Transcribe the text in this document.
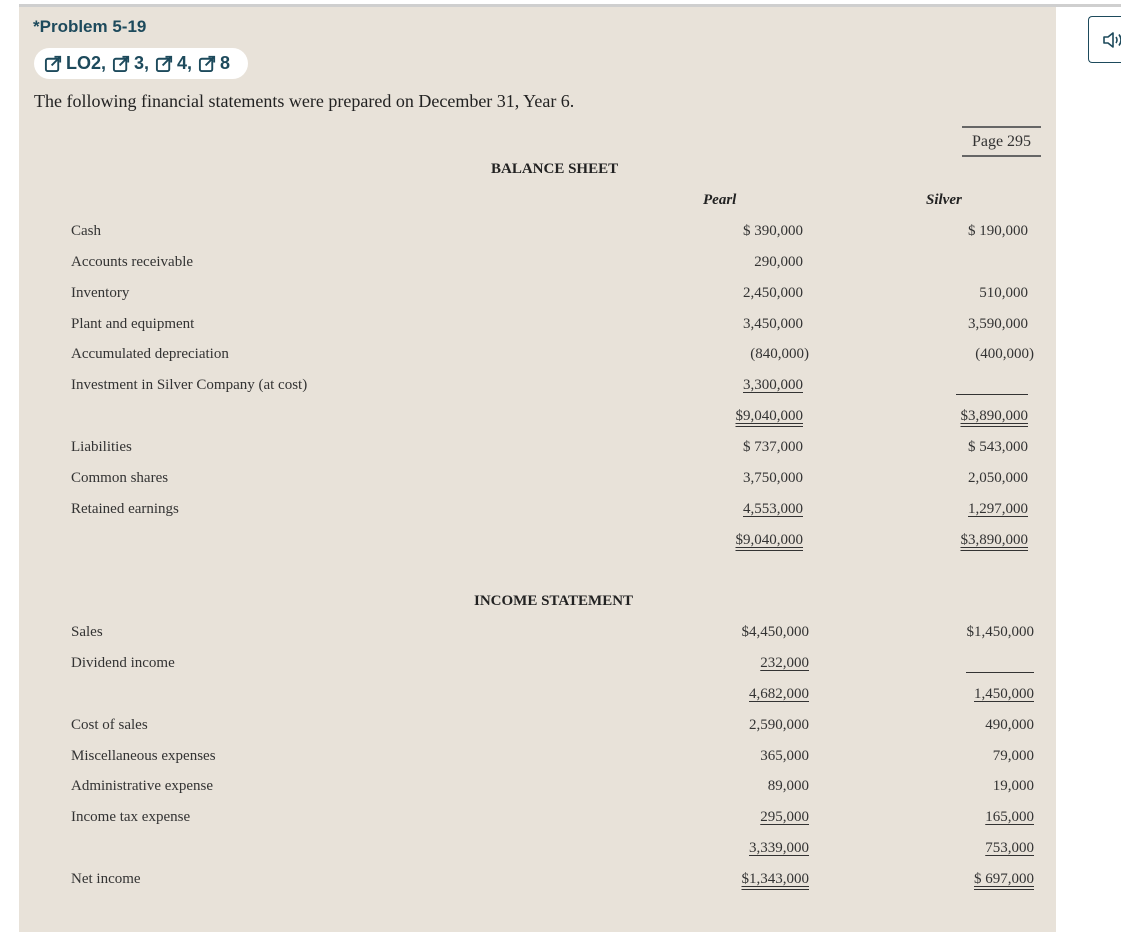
*Problem 5-19
LO2, 3, 4, 8
The following financial statements were prepared on December 31, Year 6.
Page 295
BALANCE SHEET
Pearl	Silver
Cash	$ 390,000	$ 190,000
Accounts receivable	290,000
Inventory	2,450,000	510,000
Plant and equipment	3,450,000	3,590,000
Accumulated depreciation	(840,000)	(400,000)
Investment in Silver Company (at cost)	3,300,000
$9,040,000	$3,890,000
Liabilities	$ 737,000	$ 543,000
Common shares	3,750,000	2,050,000
Retained earnings	4,553,000	1,297,000
$9,040,000	$3,890,000
INCOME STATEMENT
Sales	$4,450,000	$1,450,000
Dividend income	232,000
4,682,000	1,450,000
Cost of sales	2,590,000	490,000
Miscellaneous expenses	365,000	79,000
Administrative expense	89,000	19,000
Income tax expense	295,000	165,000
3,339,000	753,000
Net income	$1,343,000	$ 697,000
